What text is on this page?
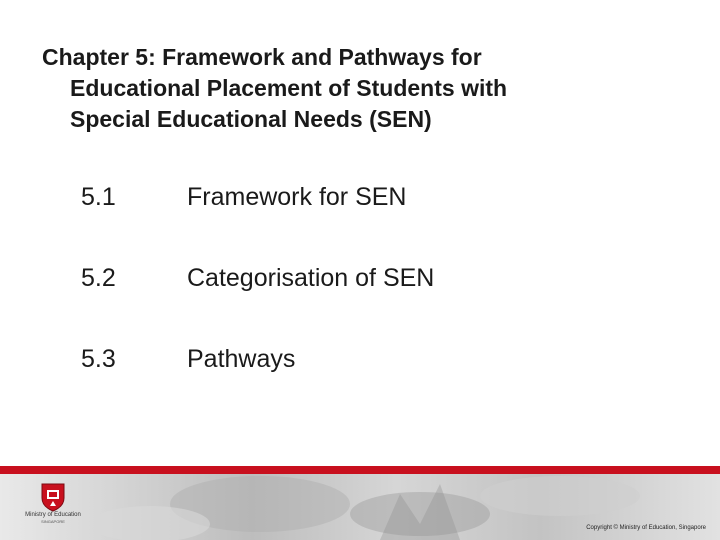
Chapter 5: Framework and Pathways for
Educational Placement of Students with
Special Educational Needs (SEN)
5.1	Framework for SEN
5.2	Categorisation of SEN
5.3	Pathways
Ministry of Education
SINGAPORE
Copyright © Ministry of Education, Singapore
